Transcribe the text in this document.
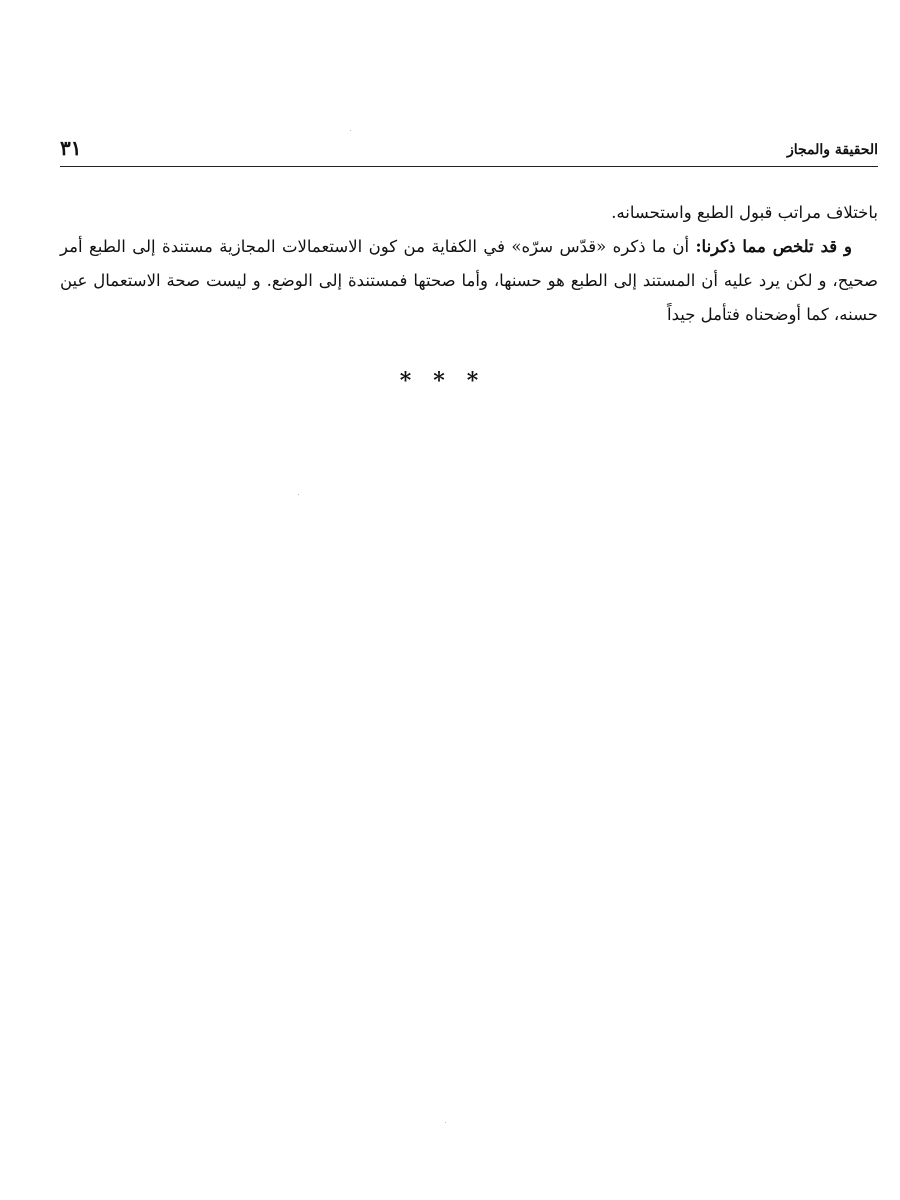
الحقيقة والمجاز
٣١

باختلاف مراتب قبول الطبع واستحسانه.

و قد تلخص مما ذكرنا: أن ما ذكره «قدّس سرّه» في الكفاية من كون الاستعمالات المجازية مستندة إلى الطبع أمر صحيح، و لكن يرد عليه أن المستند إلى الطبع هو حسنها، وأما صحتها فمستندة إلى الوضع. و ليست صحة الاستعمال عين حسنه، كما أوضحناه فتأمل جيداً

***
